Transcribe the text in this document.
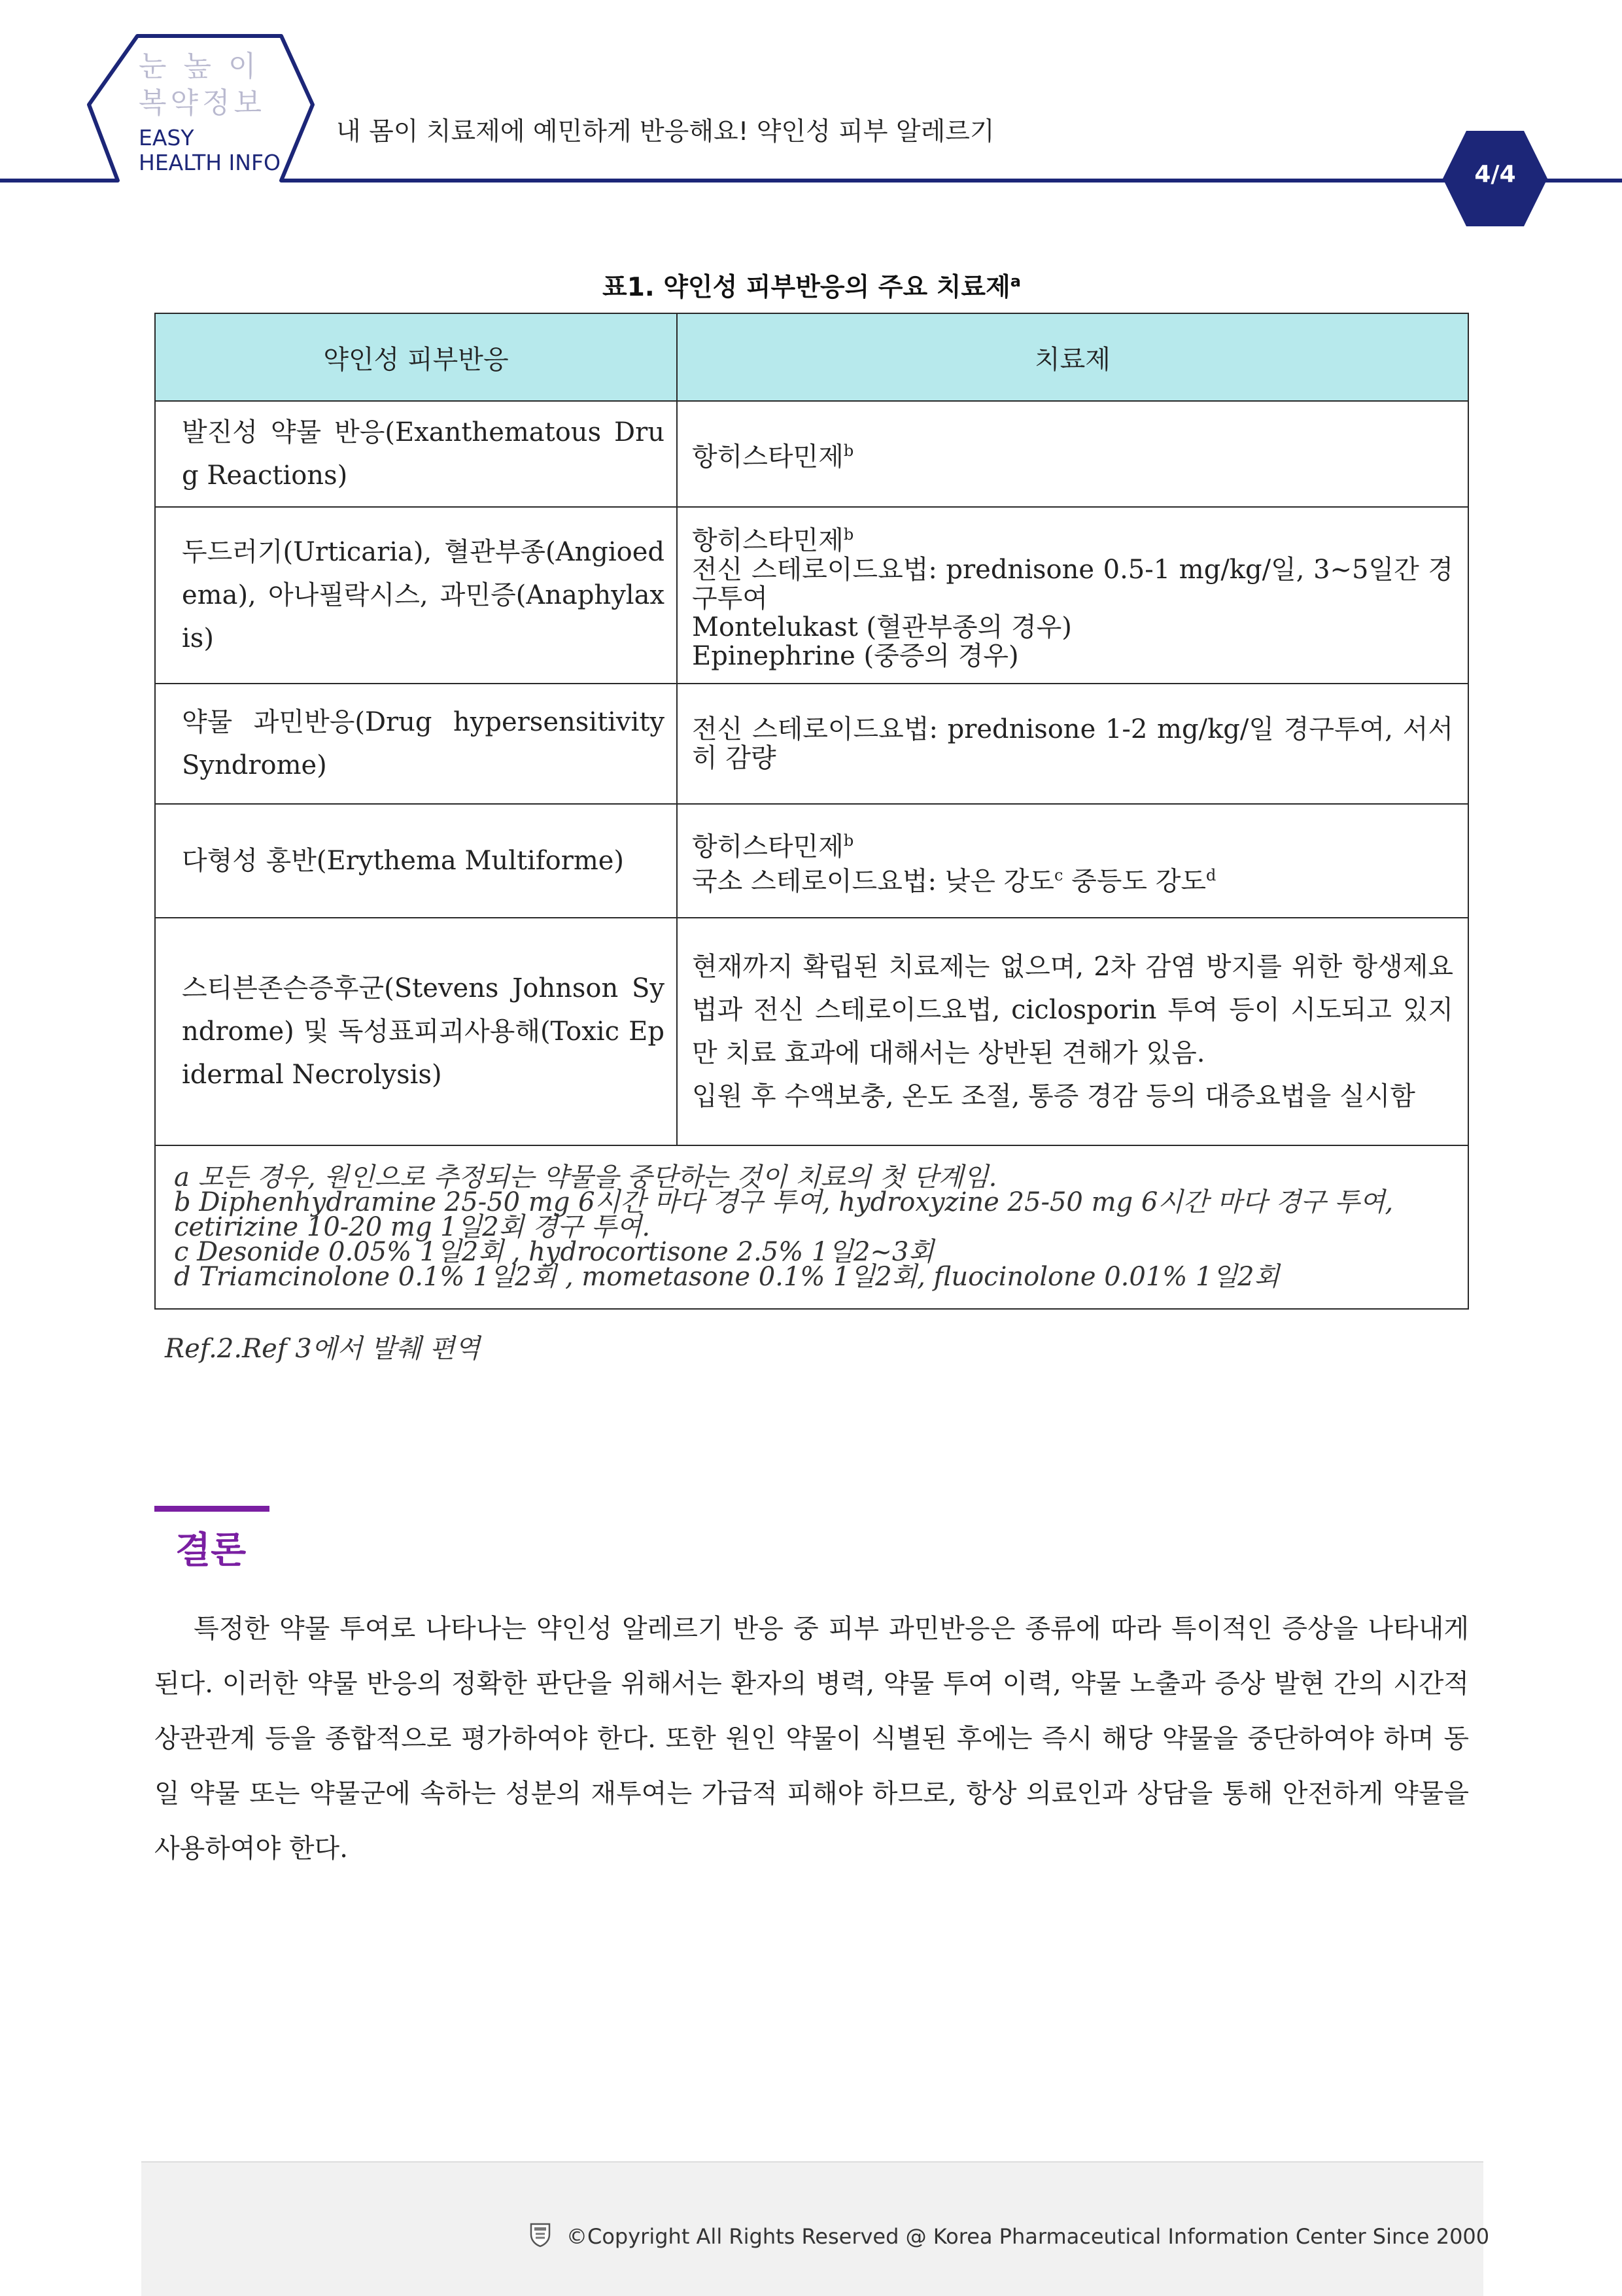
눈 높 이
복약정보
EASY
HEALTH INFO
내 몸이 치료제에 예민하게 반응해요! 약인성 피부 알레르기
4/4
표1. 약인성 피부반응의 주요 치료제$^a$
약인성 피부반응	치료제
발진성 약물 반응(Exanthematous Drug Reactions)	항히스타민제$^b$

두드러기(Urticaria), 혈관부종(Angioedema), 아나필락시스, 과민증(Anaphylaxis)	항히스타민제$^b$
전신 스테로이드요법: prednisone 0.5-1 mg/kg/일, 3~5일간 경구투여
Montelukast (혈관부종의 경우)
Epinephrine (중증의 경우)

약물 과민반응(Drug hypersensitivity Syndrome)	전신 스테로이드요법: prednisone 1-2 mg/kg/일 경구투여, 서서히 감량

다형성 홍반(Erythema Multiforme)	항히스타민제$^b$
국소 스테로이드요법: 낮은 강도$^c$ 중등도 강도$^d$

스티븐존슨증후군(Stevens Johnson Syndrome) 및 독성표피괴사용해(Toxic Epidermal Necrolysis)	현재까지 확립된 치료제는 없으며, 2차 감염 방지를 위한 항생제요법과 전신 스테로이드요법, ciclosporin 투여 등이 시도되고 있지만 치료 효과에 대해서는 상반된 견해가 있음.
입원 후 수액보충, 온도 조절, 통증 경감 등의 대증요법을 실시함

a 모든 경우, 원인으로 추정되는 약물을 중단하는 것이 치료의 첫 단계임.
b Diphenhydramine 25-50 mg 6시간 마다 경구 투여, hydroxyzine 25-50 mg 6시간 마다 경구 투여, cetirizine 10-20 mg 1일2회 경구 투여.
c Desonide 0.05% 1일2회 , hydrocortisone 2.5% 1일2~3회
d Triamcinolone 0.1% 1일2회 , mometasone 0.1% 1일2회, fluocinolone 0.01% 1일2회	
Ref.2.Ref 3에서 발췌 편역
결론

특정한 약물 투여로 나타나는 약인성 알레르기 반응 중 피부 과민반응은 종류에 따라 특이적인 증상을 나타내게 된다. 이러한 약물 반응의 정확한 판단을 위해서는 환자의 병력, 약물 투여 이력, 약물 노출과 증상 발현 간의 시간적 상관관계 등을 종합적으로 평가하여야 한다. 또한 원인 약물이 식별된 후에는 즉시 해당 약물을 중단하여야 하며 동일 약물 또는 약물군에 속하는 성분의 재투여는 가급적 피해야 하므로, 항상 의료인과 상담을 통해 안전하게 약물을 사용하여야 한다.

©Copyright All Rights Reserved @ Korea Pharmaceutical Information Center Since 2000
